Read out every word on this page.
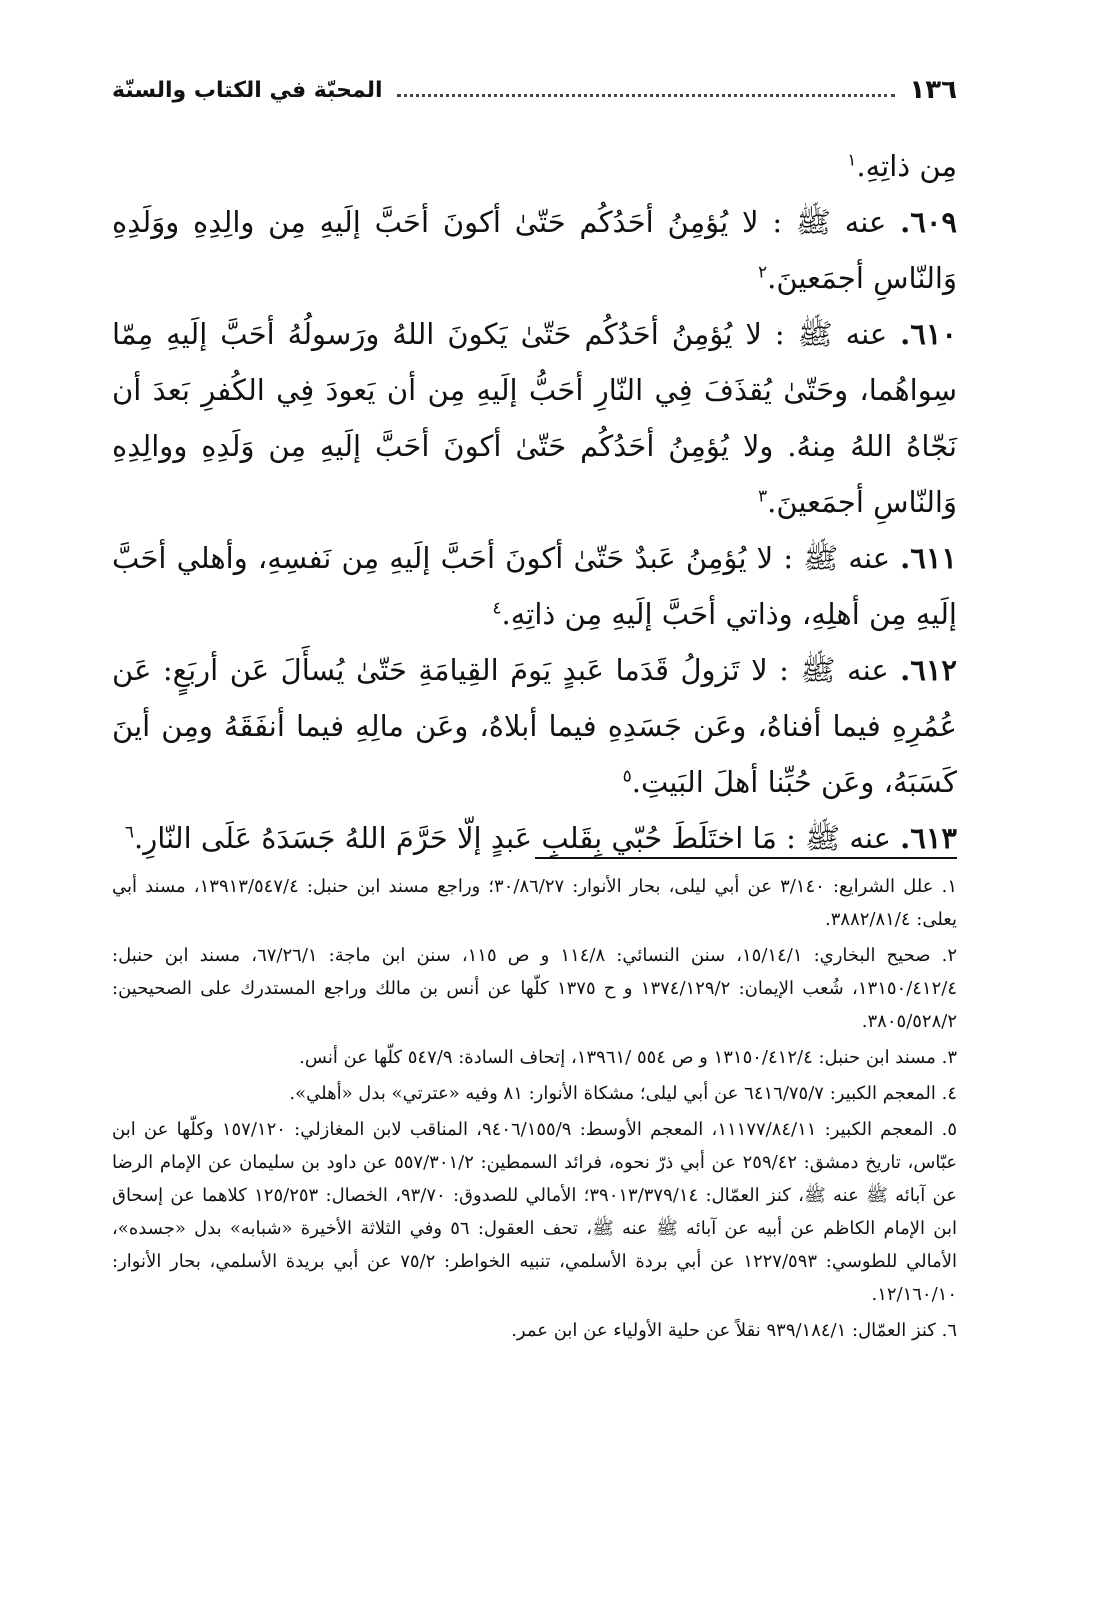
١٣٦
المحبّة في الكتاب والسنّة

مِن ذاتِهِ.$^١$

٦٠٩. عنه ﷺ : لا يُؤمِنُ أحَدُكُم حَتّىٰ أكونَ أحَبَّ إلَيهِ مِن والِدِهِ ووَلَدِهِ وَالنّاسِ أجمَعينَ.$^٢$

٦١٠. عنه ﷺ : لا يُؤمِنُ أحَدُكُم حَتّىٰ يَكونَ اللهُ ورَسولُهُ أحَبَّ إلَيهِ مِمّا سِواهُما، وحَتّىٰ يُقذَفَ فِي النّارِ أحَبُّ إلَيهِ مِن أن يَعودَ فِي الكُفرِ بَعدَ أن نَجّاهُ اللهُ مِنهُ. ولا يُؤمِنُ أحَدُكُم حَتّىٰ أكونَ أحَبَّ إلَيهِ مِن وَلَدِهِ ووالِدِهِ وَالنّاسِ أجمَعينَ.$^٣$

٦١١. عنه ﷺ : لا يُؤمِنُ عَبدٌ حَتّىٰ أكونَ أحَبَّ إلَيهِ مِن نَفسِهِ، وأهلي أحَبَّ إلَيهِ مِن أهلِهِ، وذاتي أحَبَّ إلَيهِ مِن ذاتِهِ.$^٤$

٦١٢. عنه ﷺ : لا تَزولُ قَدَما عَبدٍ يَومَ القِيامَةِ حَتّىٰ يُسأَلَ عَن أربَعٍ: عَن عُمُرِهِ فيما أفناهُ، وعَن جَسَدِهِ فيما أبلاهُ، وعَن مالِهِ فيما أنفَقَهُ ومِن أينَ كَسَبَهُ، وعَن حُبِّنا أهلَ البَيتِ.$^٥$

٦١٣. عنه ﷺ : مَا اختَلَطَ حُبّي بِقَلبِ عَبدٍ إلّا حَرَّمَ اللهُ جَسَدَهُ عَلَى النّارِ.$^٦$

١. علل الشرايع: ٣/١٤٠ عن أبي ليلى، بحار الأنوار: ٣٠/٨٦/٢٧؛ وراجع مسند ابن حنبل: ١٣٩١٣/٥٤٧/٤، مسند أبي يعلى: ٣٨٨٢/٨١/٤.

٢. صحيح البخاري: ١٥/١٤/١، سنن النسائي: ١١٤/٨ و ص ١١٥، سنن ابن ماجة: ٦٧/٢٦/١، مسند ابن حنبل: ١٣١٥٠/٤١٢/٤، شُعب الإيمان: ١٣٧٤/١٢٩/٢ و ح ١٣٧٥ كلّها عن أنس بن مالك وراجع المستدرك على الصحيحين: ٣٨٠٥/٥٢٨/٢.

٣. مسند ابن حنبل: ١٣١٥٠/٤١٢/٤ و ص ٥٥٤ /١٣٩٦١، إتحاف السادة: ٥٤٧/٩ كلّها عن أنس.

٤. المعجم الكبير: ٦٤١٦/٧٥/٧ عن أبي ليلى؛ مشكاة الأنوار: ٨١ وفيه «عترتي» بدل «أهلي».

٥. المعجم الكبير: ١١١٧٧/٨٤/١١، المعجم الأوسط: ٩٤٠٦/١٥٥/٩، المناقب لابن المغازلي: ١٥٧/١٢٠ وكلّها عن ابن عبّاس، تاريخ دمشق: ٢٥٩/٤٢ عن أبي ذرّ نحوه، فرائد السمطين: ٥٥٧/٣٠١/٢ عن داود بن سليمان عن الإمام الرضا عن آبائه ﷺ عنه ﷺ، كنز العمّال: ٣٩٠١٣/٣٧٩/١٤؛ الأمالي للصدوق: ٩٣/٧٠، الخصال: ١٢٥/٢٥٣ كلاهما عن إسحاق ابن الإمام الكاظم عن أبيه عن آبائه ﷺ عنه ﷺ، تحف العقول: ٥٦ وفي الثلاثة الأخيرة «شبابه» بدل «جسده»، الأمالي للطوسي: ١٢٢٧/٥٩٣ عن أبي بردة الأسلمي، تنبيه الخواطر: ٧٥/٢ عن أبي بريدة الأسلمي، بحار الأنوار: ١٢/١٦٠/١٠.

٦. كنز العمّال: ٩٣٩/١٨٤/١ نقلاً عن حلية الأولياء عن ابن عمر.
